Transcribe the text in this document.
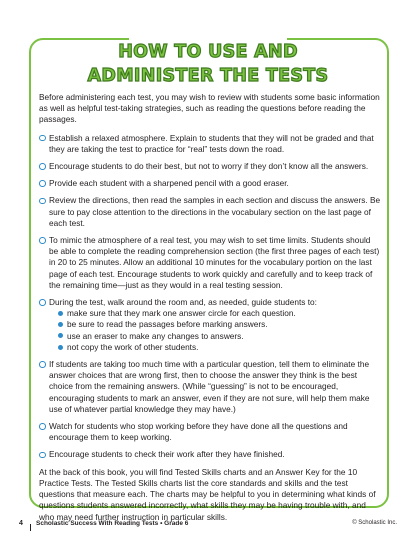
HOW TO USE AND
ADMINISTER THE TESTS

Before administering each test, you may wish to review with students some basic information as well as helpful test-taking strategies, such as reading the questions before reading the passages.

Establish a relaxed atmosphere. Explain to students that they will not be graded and that they are taking the test to practice for “real” tests down the road.
Encourage students to do their best, but not to worry if they don’t know all the answers.
Provide each student with a sharpened pencil with a good eraser.
Review the directions, then read the samples in each section and discuss the answers. Be sure to pay close attention to the directions in the vocabulary section on the last page of each test.
To mimic the atmosphere of a real test, you may wish to set time limits. Students should be able to complete the reading comprehension section (the first three pages of each test) in 20 to 25 minutes. Allow an additional 10 minutes for the vocabulary portion on the last page of each test. Encourage students to work quickly and carefully and to keep track of the remaining time—just as they would in a real testing session.
During the test, walk around the room and, as needed, guide students to:
make sure that they mark one answer circle for each question.
be sure to read the passages before marking answers.
use an eraser to make any changes to answers.
not copy the work of other students.
If students are taking too much time with a particular question, tell them to eliminate the answer choices that are wrong first, then to choose the answer they think is the best choice from the remaining answers. (While “guessing” is not to be encouraged, encouraging students to mark an answer, even if they are not sure, will help them make use of whatever partial knowledge they may have.)
Watch for students who stop working before they have done all the questions and encourage them to keep working.
Encourage students to check their work after they have finished.

At the back of this book, you will find Tested Skills charts and an Answer Key for the 10 Practice Tests. The Tested Skills charts list the core standards and skills and the test questions that measure each. The charts may be helpful to you in determining what kinds of questions students answered incorrectly, what skills they may be having trouble with, and who may need further instruction in particular skills.

4 Scholastic Success With Reading Tests • Grade 6	© Scholastic Inc.
